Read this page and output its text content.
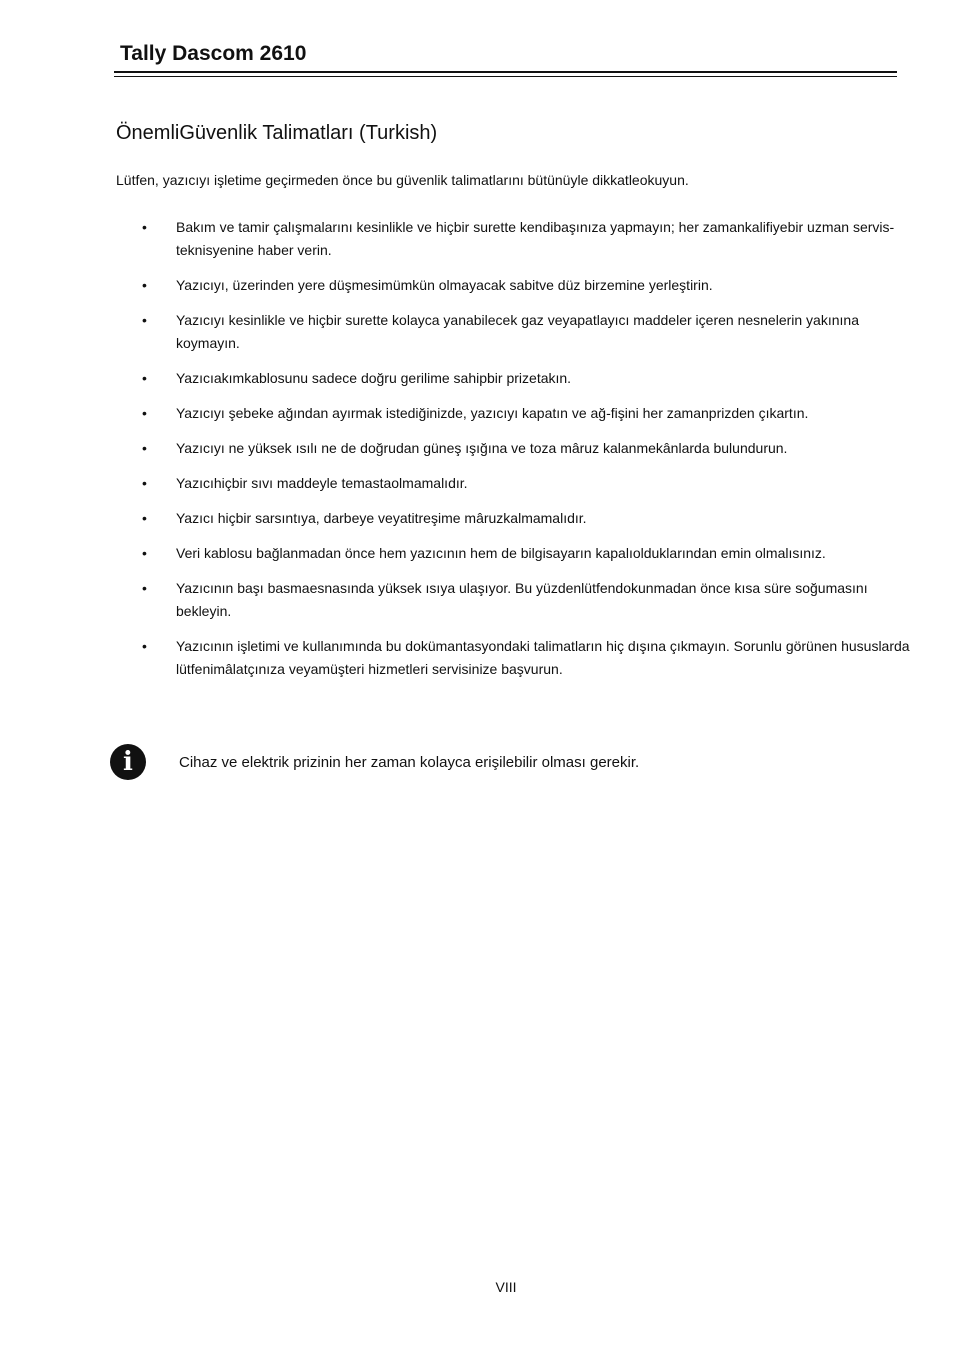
Tally Dascom 2610
ÖnemliGüvenlik Talimatları (Turkish)
Lütfen, yazıcıyı işletime geçirmeden önce bu güvenlik talimatlarını bütünüyle dikkatleokuyun.
• Bakım ve tamir çalışmalarını kesinlikle ve hiçbir surette kendibaşınıza yapmayın; her zamankalifiyebir uzman servis-teknisyenine haber verin.
• Yazıcıyı, üzerinden yere düşmesimümkün olmayacak sabitve düz birzemine yerleştirin.
• Yazıcıyı kesinlikle ve hiçbir surette kolayca yanabilecek gaz veyapatlayıcı maddeler içeren nesnelerin yakınına koymayın.
• Yazıcıakımkablosunu sadece doğru gerilime sahipbir prizetakın.
• Yazıcıyı şebeke ağından ayırmak istediğinizde, yazıcıyı kapatın ve ağ-fişini her zamanprizden çıkartın.
• Yazıcıyı ne yüksek ısılı ne de doğrudan güneş ışığına ve toza mâruz kalanmekânlarda bulundurun.
• Yazıcıhiçbir sıvı maddeyle temastaolmamalıdır.
• Yazıcı hiçbir sarsıntıya, darbeye veyatitreşime mâruzkalmamalıdır.
• Veri kablosu bağlanmadan önce hem yazıcının hem de bilgisayarın kapalıolduklarından emin olmalısınız.
• Yazıcının başı basmaesnasında yüksek ısıya ulaşıyor. Bu yüzdenlütfendokunmadan önce kısa süre soğumasını bekleyin.
• Yazıcının işletimi ve kullanımında bu dokümantasyondaki talimatların hiç dışına çıkmayın. Sorunlu görünen hususlarda lütfenimâlatçınıza veyamüşteri hizmetleri servisinize başvurun.
i	Cihaz ve elektrik prizinin her zaman kolayca erişilebilir olması gerekir.
VIII
